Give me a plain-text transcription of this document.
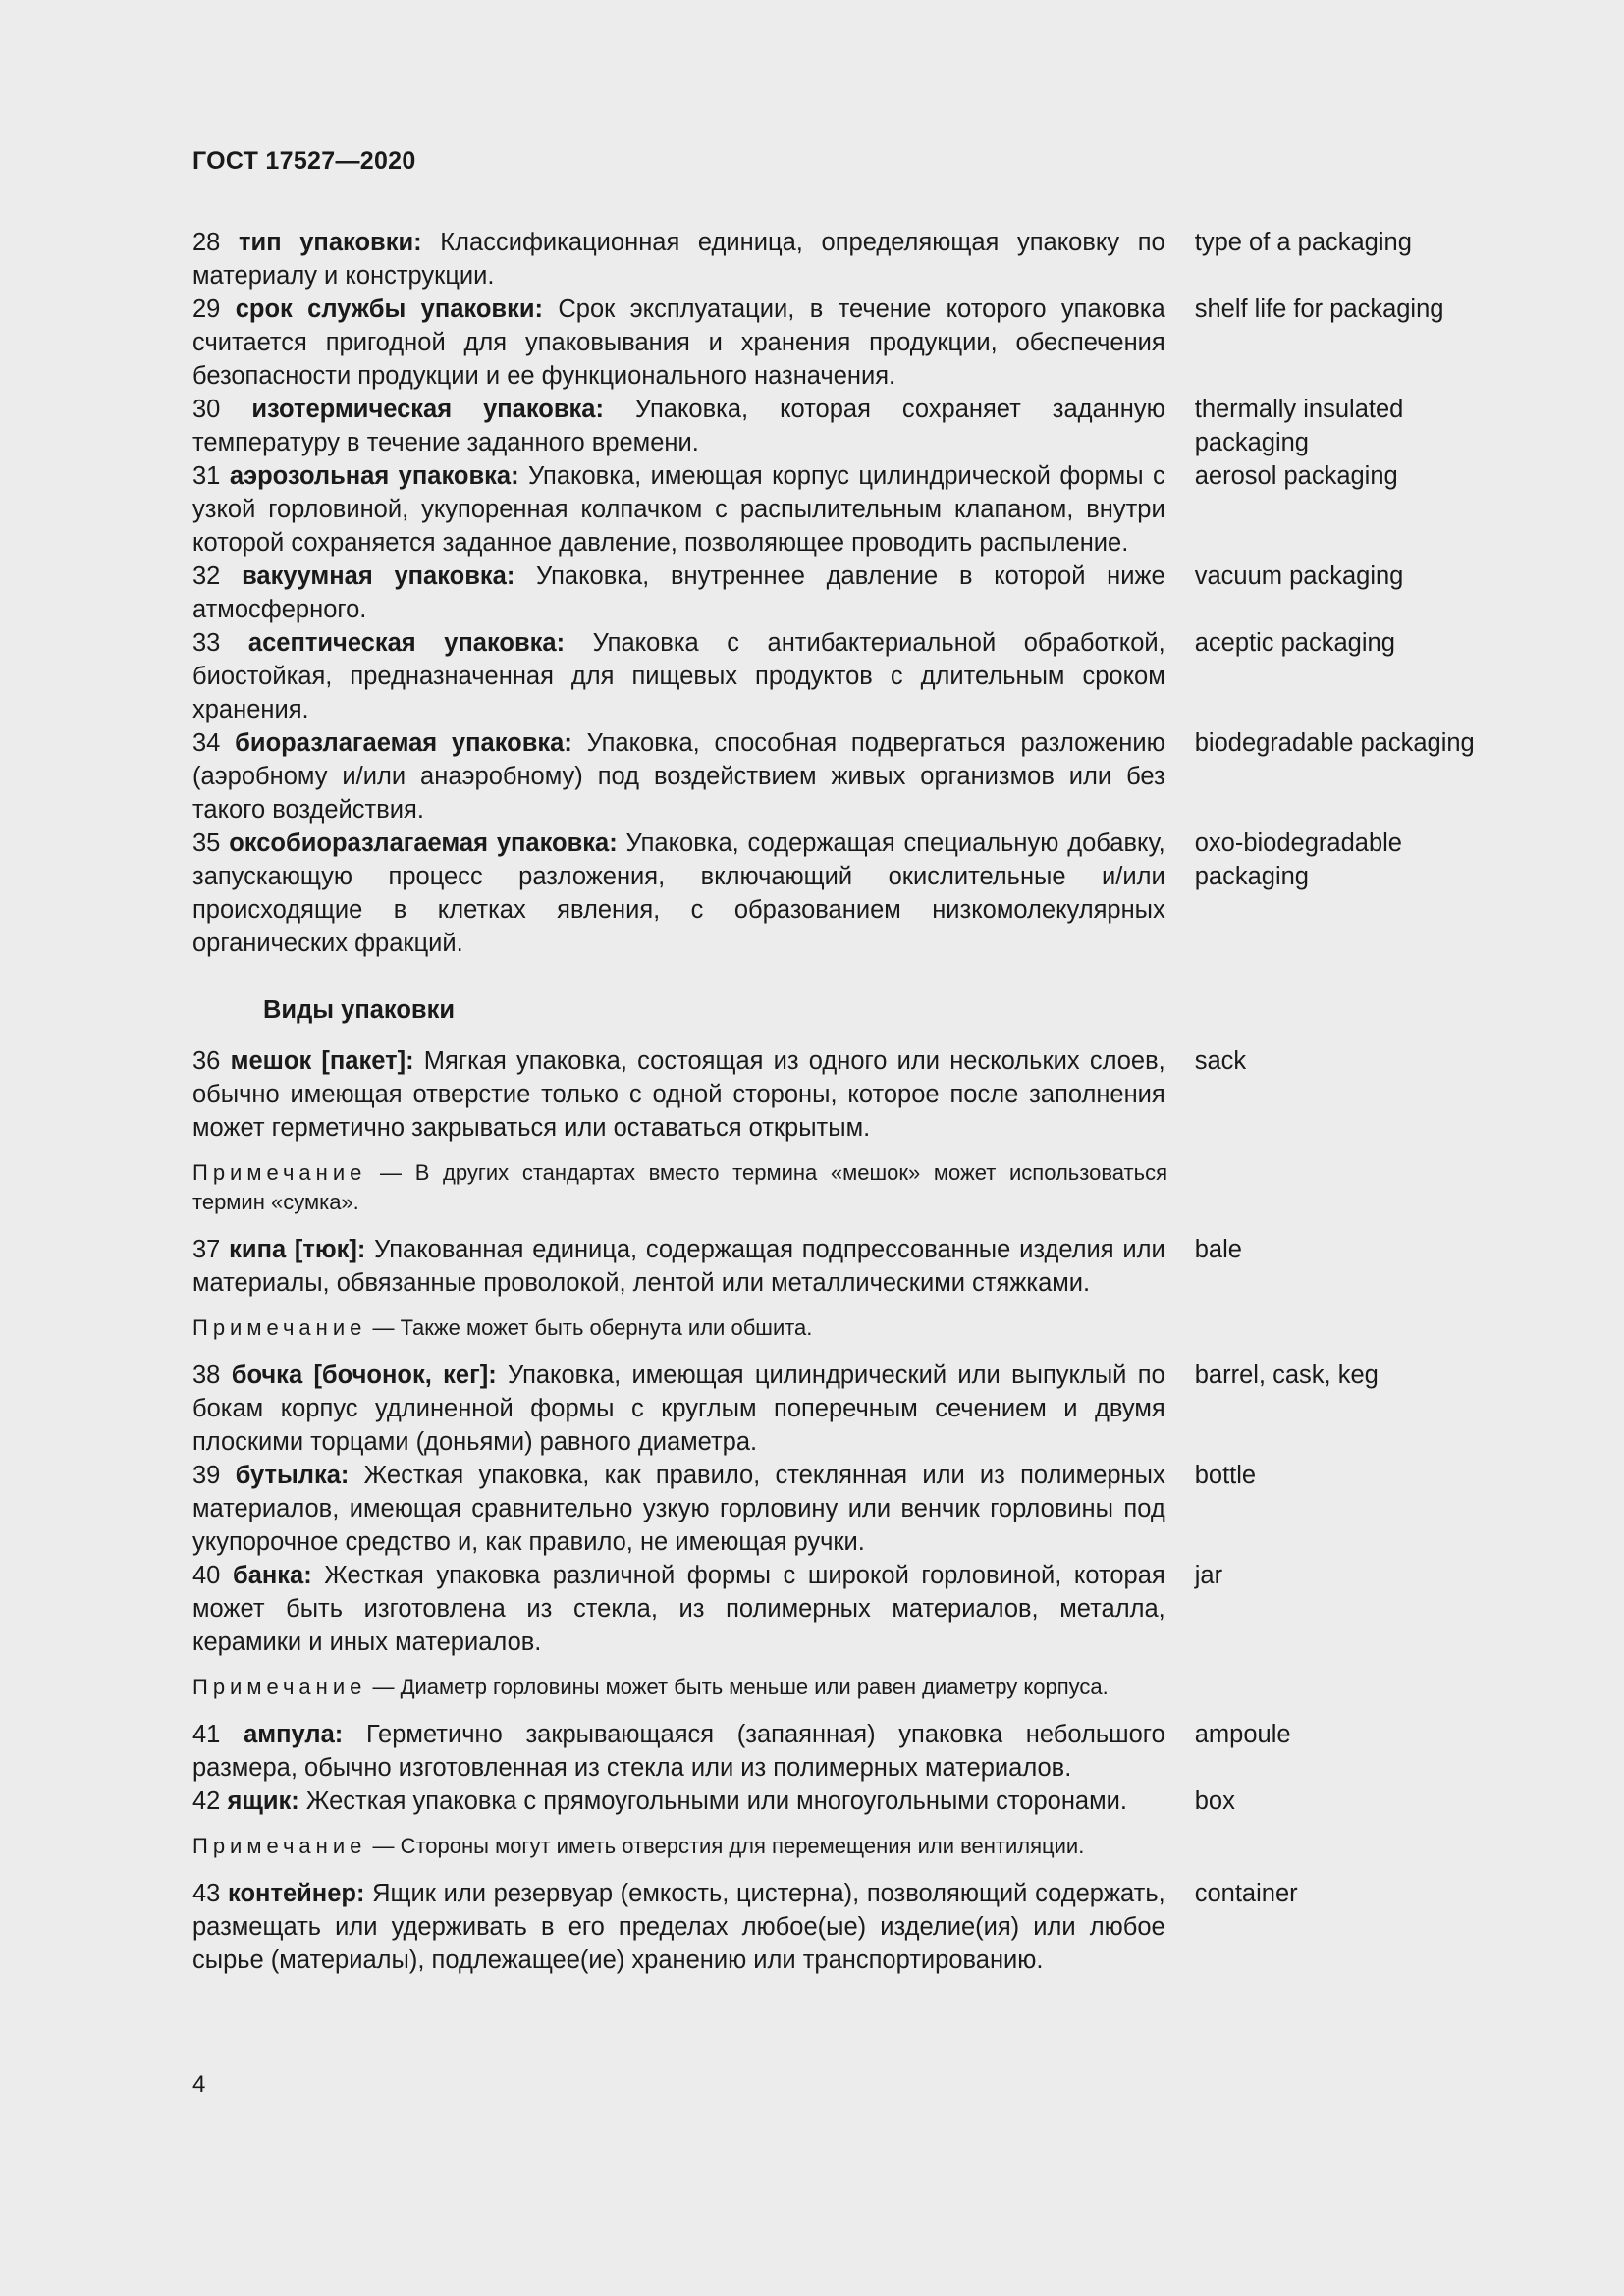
ГОСТ 17527—2020
28 тип упаковки: Классификационная единица, определяющая упаковку по материалу и конструкции.
type of a packaging
29 срок службы упаковки: Срок эксплуатации, в течение которого упаковка считается пригодной для упаковывания и хранения продукции, обеспечения безопасности продукции и ее функционального назначения.
shelf life for packaging
30 изотермическая упаковка: Упаковка, которая сохраняет заданную температуру в течение заданного времени.
thermally insulated packaging
31 аэрозольная упаковка: Упаковка, имеющая корпус цилиндрической формы с узкой горловиной, укупоренная колпачком с распылительным клапаном, внутри которой сохраняется заданное давление, позволяющее проводить распыление.
aerosol packaging
32 вакуумная упаковка: Упаковка, внутреннее давление в которой ниже атмосферного.
vacuum packaging
33 асептическая упаковка: Упаковка с антибактериальной обработкой, биостойкая, предназначенная для пищевых продуктов с длительным сроком хранения.
aceptic packaging
34 биоразлагаемая упаковка: Упаковка, способная подвергаться разложению (аэробному и/или анаэробному) под воздействием живых организмов или без такого воздействия.
biodegradable packaging
35 оксобиоразлагаемая упаковка: Упаковка, содержащая специальную добавку, запускающую процесс разложения, включающий окислительные и/или происходящие в клетках явления, с образованием низкомолекулярных органических фракций.
oxo-biodegradable packaging
Виды упаковки
36 мешок [пакет]: Мягкая упаковка, состоящая из одного или нескольких слоев, обычно имеющая отверстие только с одной стороны, которое после заполнения может герметично закрываться или оставаться открытым.
sack
Примечание — В других стандартах вместо термина «мешок» может использоваться термин «сумка».
37 кипа [тюк]: Упакованная единица, содержащая подпрессованные изделия или материалы, обвязанные проволокой, лентой или металлическими стяжками.
bale
Примечание — Также может быть обернута или обшита.
38 бочка [бочонок, кег]: Упаковка, имеющая цилиндрический или выпуклый по бокам корпус удлиненной формы с круглым поперечным сечением и двумя плоскими торцами (доньями) равного диаметра.
barrel, cask, keg
39 бутылка: Жесткая упаковка, как правило, стеклянная или из полимерных материалов, имеющая сравнительно узкую горловину или венчик горловины под укупорочное средство и, как правило, не имеющая ручки.
bottle
40 банка: Жесткая упаковка различной формы с широкой горловиной, которая может быть изготовлена из стекла, из полимерных материалов, металла, керамики и иных материалов.
jar
Примечание — Диаметр горловины может быть меньше или равен диаметру корпуса.
41 ампула: Герметично закрывающаяся (запаянная) упаковка небольшого размера, обычно изготовленная из стекла или из полимерных материалов.
ampoule
42 ящик: Жесткая упаковка с прямоугольными или многоугольными сторонами.	box
Примечание — Стороны могут иметь отверстия для перемещения или вентиляции.
43 контейнер: Ящик или резервуар (емкость, цистерна), позволяющий содержать, размещать или удерживать в его пределах любое(ые) изделие(ия) или любое сырье (материалы), подлежащее(ие) хранению или транспортированию.
container
4
